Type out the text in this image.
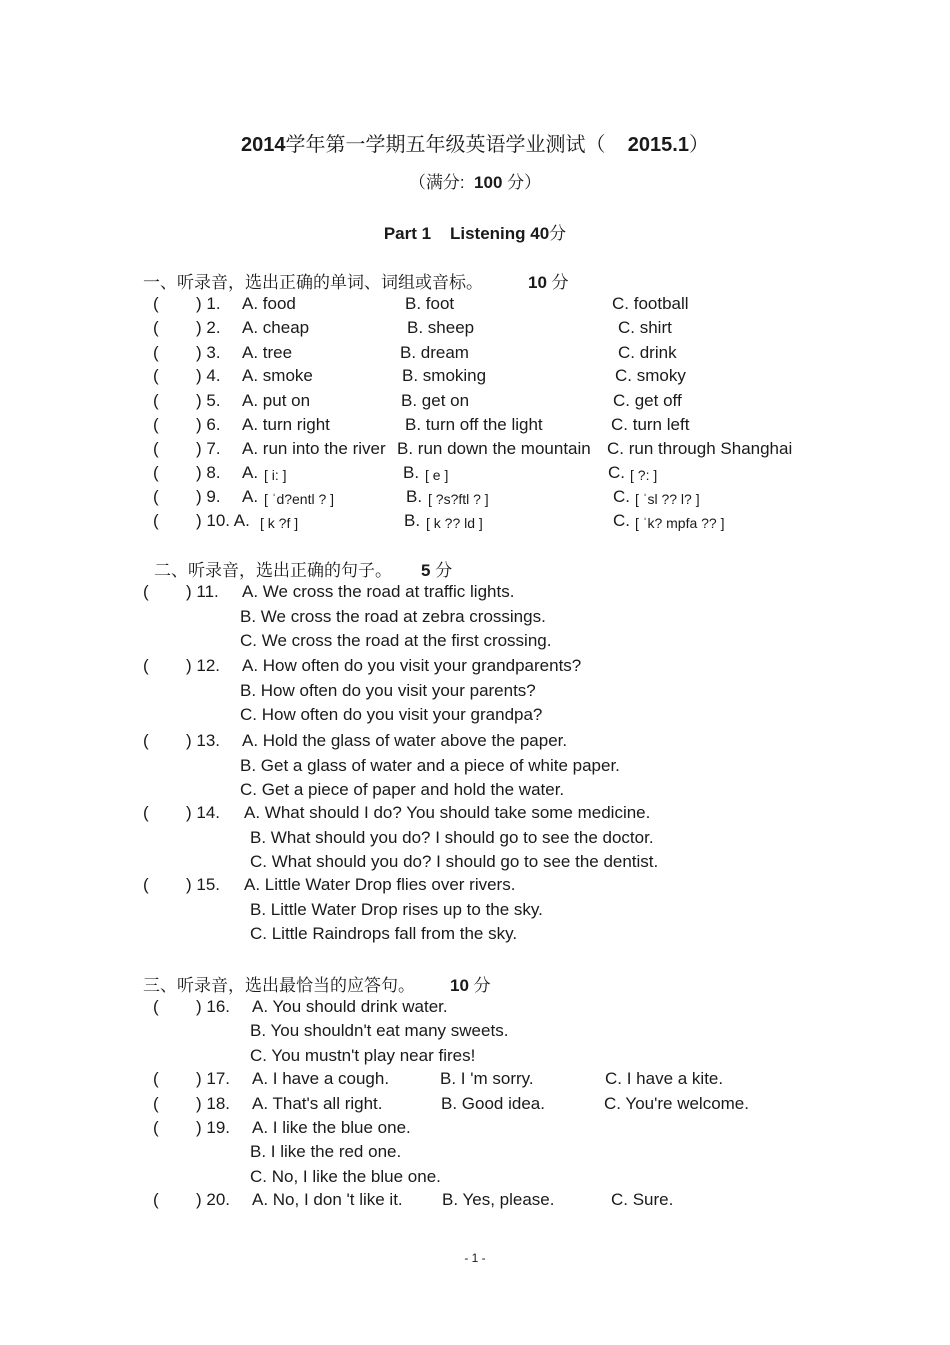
2014学年第一学期五年级英语学业测试（ 2015.1）
（满分: 100 分）
Part 1    Listening 40分
一、听录音，选出正确的单词、词组或音标。	10 分
( ) 1. A. food	B. foot	C. football
( ) 2. A. cheap	B. sheep	C. shirt
( ) 3. A. tree	B. dream	C. drink
( ) 4. A. smoke	B. smoking	C. smoky
( ) 5. A. put on	B. get on	C. get off
( ) 6. A. turn right	B. turn off the light	C. turn left
( ) 7. A. run into the river B. run down the mountain C. run through Shanghai
( ) 8. A. [ i: ]	B. [ e ]	C. [ ?: ]
( ) 9. A. [ ˈd?entl ? ]	B. [ ?s?ftl ? ]	C. [ ˈsl ?? l? ]
( ) 10. A. [ k ?f ]	B. [ k ?? ld ]	C. [ ˈk? mpfa ?? ]
二、听录音，选出正确的句子。 5 分
( ) 11. A. We cross the road at traffic lights.
B. We cross the road at zebra crossings.
C. We cross the road at the first crossing.
( ) 12. A. How often do you visit your grandparents?
B. How often do you visit your parents?
C. How often do you visit your grandpa?
( ) 13. A. Hold the glass of water above the paper.
B. Get a glass of water and a piece of white paper.
C. Get a piece of paper and hold the water.
( ) 14. A. What should I do? You should take some medicine.
B. What should you do? I should go to see the doctor.
C. What should you do? I should go to see the dentist.
( ) 15. A. Little Water Drop flies over rivers.
B. Little Water Drop rises up to the sky.
C. Little Raindrops fall from the sky.
三、听录音，选出最恰当的应答句。 10 分
( ) 16. A. You should drink water.
B. You shouldn't eat many sweets.
C. You mustn't play near fires!
( ) 17. A. I have a cough.	B. I 'm sorry.	C. I have a kite.
( ) 18. A. That's all right.	B. Good idea.	C. You're welcome.
( ) 19. A. I like the blue one.
B. I like the red one.
C. No, I like the blue one.
( ) 20. A. No, I don 't like it. B. Yes, please.	C. Sure.
- 1 -
